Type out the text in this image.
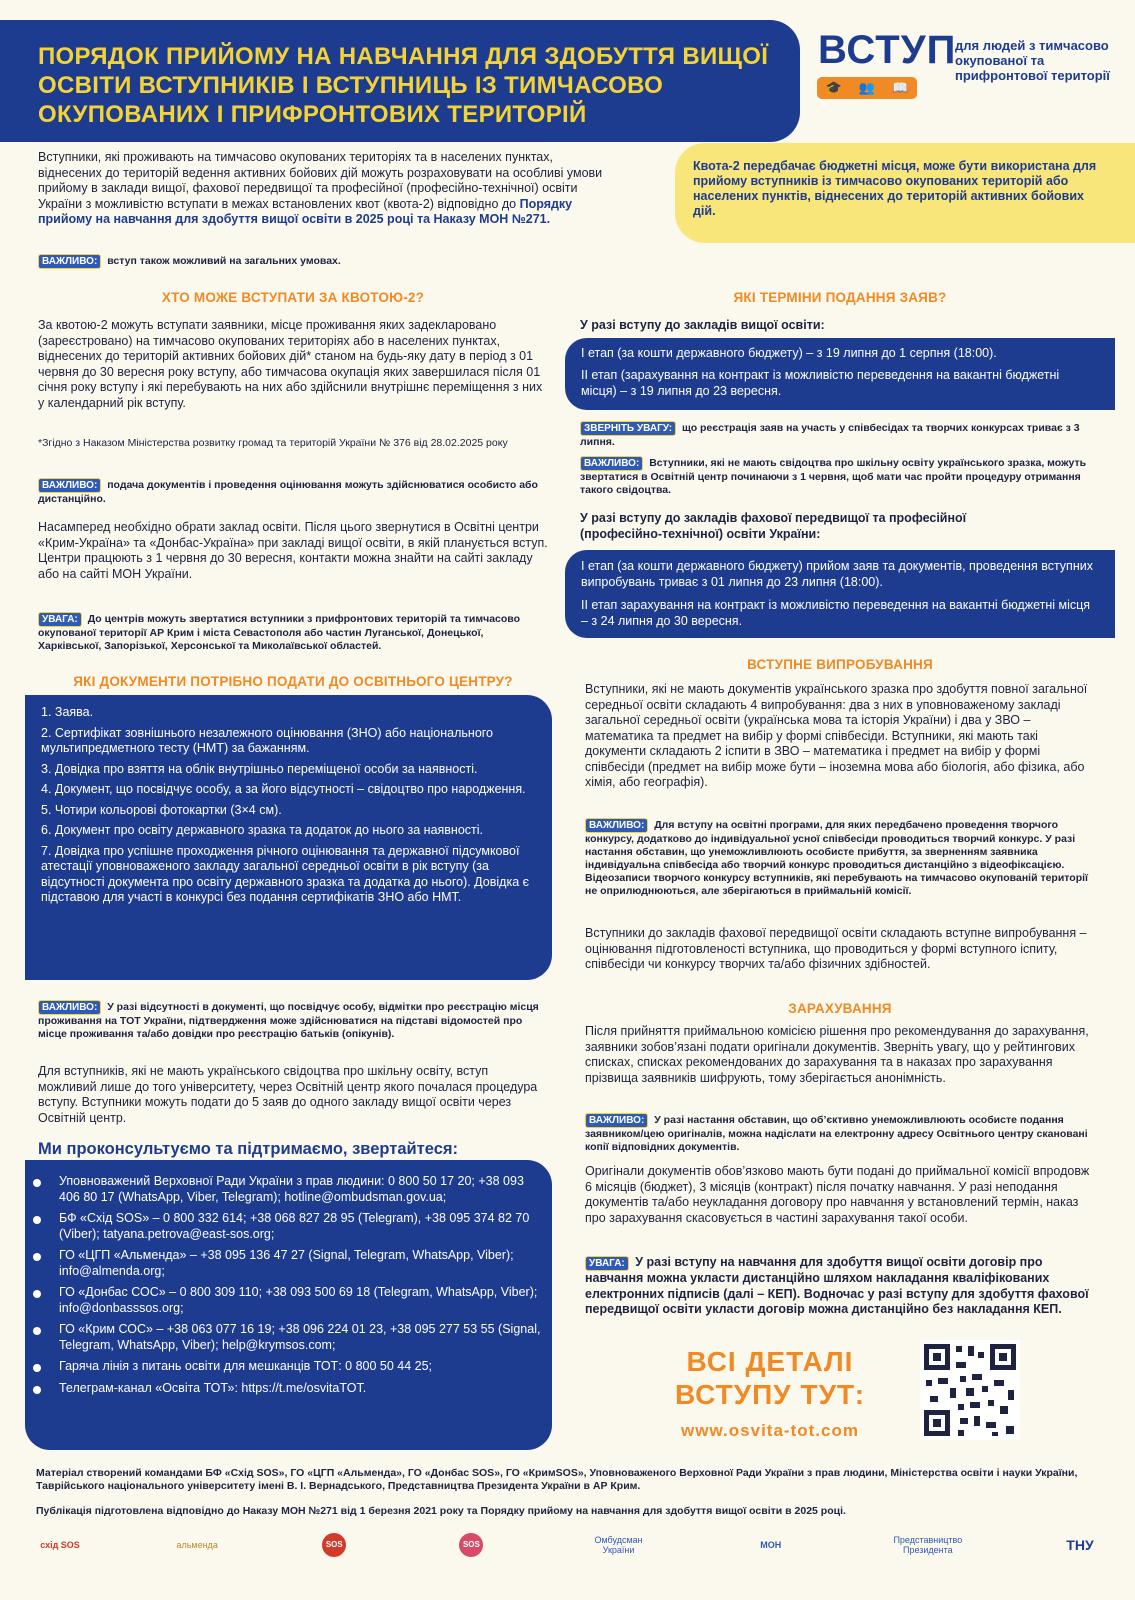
ПОРЯДОК ПРИЙОМУ НА НАВЧАННЯ ДЛЯ ЗДОБУТТЯ ВИЩОЇ ОСВІТИ ВСТУПНИКІВ І ВСТУПНИЦЬ ІЗ ТИМЧАСОВО ОКУПОВАНИХ І ПРИФРОНТОВИХ ТЕРИТОРІЙ
ВСТУП
🎓 👥 📖
для людей з тимчасово окупованої та прифронтової території
Вступники, які проживають на тимчасово окупованих територіях та в населених пунктах, віднесених до територій ведення активних бойових дій можуть розраховувати на особливі умови прийому в заклади вищої, фахової передвищої та професійної (професійно-технічної) освіти України з можливістю вступати в межах встановлених квот (квота-2) відповідно до Порядку прийому на навчання для здобуття вищої освіти в 2025 році та Наказу МОН №271.
ВАЖЛИВО: вступ також можливий на загальних умовах.
Квота-2 передбачає бюджетні місця, може бути використана для прийому вступників із тимчасово окупованих територій або населених пунктів, віднесених до територій активних бойових дій.
ХТО МОЖЕ ВСТУПАТИ ЗА КВОТОЮ-2?
За квотою-2 можуть вступати заявники, місце проживання яких задекларовано (зареєстровано) на тимчасово окупованих територіях або в населених пунктах, віднесених до територій активних бойових дій* станом на будь-яку дату в період з 01 червня до 30 вересня року вступу, або тимчасова окупація яких завершилася після 01 січня року вступу і які перебувають на них або здійснили внутрішнє переміщення з них у календарний рік вступу.
*Згідно з Наказом Міністерства розвитку громад та територій України № 376 від 28.02.2025 року
ВАЖЛИВО: подача документів і проведення оцінювання можуть здійснюватися особисто або дистанційно.
Насамперед необхідно обрати заклад освіти. Після цього звернутися в Освітні центри «Крим-Україна» та «Донбас-Україна» при закладі вищої освіти, в якій планується вступ. Центри працюють з 1 червня до 30 вересня, контакти можна знайти на сайті закладу або на сайті МОН України.
УВАГА: До центрів можуть звертатися вступники з прифронтових територій та тимчасово окупованої території АР Крим і міста Севастополя або частин Луганської, Донецької, Харківської, Запорізької, Херсонської та Миколаївської областей.
ЯКІ ДОКУМЕНТИ ПОТРІБНО ПОДАТИ ДО ОСВІТНЬОГО ЦЕНТРУ?
1. Заява.
2. Сертифікат зовнішнього незалежного оцінювання (ЗНО) або національного мультипредметного тесту (НМТ) за бажанням.
3. Довідка про взяття на облік внутрішньо переміщеної особи за наявності.
4. Документ, що посвідчує особу, а за його відсутності – свідоцтво про народження.
5. Чотири кольорові фотокартки (3×4 см).
6. Документ про освіту державного зразка та додаток до нього за наявності.
7. Довідка про успішне проходження річного оцінювання та державної підсумкової атестації уповноваженого закладу загальної середньої освіти в рік вступу (за відсутності документа про освіту державного зразка та додатка до нього). Довідка є підставою для участі в конкурсі без подання сертифікатів ЗНО або НМТ.
ВАЖЛИВО: У разі відсутності в документі, що посвідчує особу, відмітки про реєстрацію місця проживання на ТОТ України, підтвердження може здійснюватися на підставі відомостей про місце проживання та/або довідки про реєстрацію батьків (опікунів).
Для вступників, які не мають українського свідоцтва про шкільну освіту, вступ можливий лише до того університету, через Освітній центр якого почалася процедура вступу. Вступники можуть подати до 5 заяв до одного закладу вищої освіти через Освітній центр.
Ми проконсультуємо та підтримаємо, звертайтеся:
Уповноважений Верховної Ради України з прав людини: 0 800 50 17 20; +38 093 406 80 17 (WhatsApp, Viber, Telegram); hotline@ombudsman.gov.ua;
БФ «Схід SOS» – 0 800 332 614; +38 068 827 28 95 (Telegram), +38 095 374 82 70 (Viber); tatyana.petrova@east-sos.org;
ГО «ЦГП «Альменда» – +38 095 136 47 27 (Signal, Telegram, WhatsApp, Viber); info@almenda.org;
ГО «Донбас СОС» – 0 800 309 110; +38 093 500 69 18 (Telegram, WhatsApp, Viber); info@donbasssos.org;
ГО «Крим СОС» – +38 063 077 16 19; +38 096 224 01 23, +38 095 277 53 55 (Signal, Telegram, WhatsApp, Viber); help@krymsos.com;
Гаряча лінія з питань освіти для мешканців ТОТ: 0 800 50 44 25;
Телеграм-канал «Освіта ТОТ»: https://t.me/osvitaTOT.
ЯКІ ТЕРМІНИ ПОДАННЯ ЗАЯВ?
У разі вступу до закладів вищої освіти:
І етап (за кошти державного бюджету) – з 19 липня до 1 серпня (18:00).
ІІ етап (зарахування на контракт із можливістю переведення на вакантні бюджетні місця) – з 19 липня до 23 вересня.
ЗВЕРНІТЬ УВАГУ: що реєстрація заяв на участь у співбесідах та творчих конкурсах триває з 3 липня.
ВАЖЛИВО: Вступники, які не мають свідоцтва про шкільну освіту українського зразка, можуть звертатися в Освітній центр починаючи з 1 червня, щоб мати час пройти процедуру отримання такого свідоцтва.
У разі вступу до закладів фахової передвищої та професійної (професійно-технічної) освіти України:
І етап (за кошти державного бюджету) прийом заяв та документів, проведення вступних випробувань триває з 01 липня до 23 липня (18:00).
ІІ етап зарахування на контракт із можливістю переведення на вакантні бюджетні місця – з 24 липня до 30 вересня.
ВСТУПНЕ ВИПРОБУВАННЯ
Вступники, які не мають документів українського зразка про здобуття повної загальної середньої освіти складають 4 випробування: два з них в уповноваженому закладі загальної середньої освіти (українська мова та історія України) і два у ЗВО – математика та предмет на вибір у формі співбесіди. Вступники, які мають такі документи складають 2 іспити в ЗВО – математика і предмет на вибір у формі співбесіди (предмет на вибір може бути – іноземна мова або біологія, або фізика, або хімія, або географія).
ВАЖЛИВО: Для вступу на освітні програми, для яких передбачено проведення творчого конкурсу, додатково до індивідуальної усної співбесіди проводиться творчий конкурс. У разі настання обставин, що унеможливлюють особисте прибуття, за зверненням заявника індивідуальна співбесіда або творчий конкурс проводиться дистанційно з відеофіксацією. Відеозаписи творчого конкурсу вступників, які перебувають на тимчасово окупованій території не оприлюднюються, але зберігаються в приймальній комісії.
Вступники до закладів фахової передвищої освіти складають вступне випробування – оцінювання підготовленості вступника, що проводиться у формі вступного іспиту, співбесіди чи конкурсу творчих та/або фізичних здібностей.
ЗАРАХУВАННЯ
Після прийняття приймальною комісією рішення про рекомендування до зарахування, заявники зобов’язані подати оригінали документів. Зверніть увагу, що у рейтингових списках, списках рекомендованих до зарахування та в наказах про зарахування прізвища заявників шифрують, тому зберігається анонімність.
ВАЖЛИВО: У разі настання обставин, що об’єктивно унеможливлюють особисте подання заявником/цею оригіналів, можна надіслати на електронну адресу Освітнього центру скановані копії відповідних документів.
Оригінали документів обов’язково мають бути подані до приймальної комісії впродовж 6 місяців (бюджет), 3 місяців (контракт) після початку навчання. У разі неподання документів та/або неукладання договору про навчання у встановлений термін, наказ про зарахування скасовується в частині зарахування такої особи.
УВАГА: У разі вступу на навчання для здобуття вищої освіти договір про навчання можна укласти дистанційно шляхом накладання кваліфікованих електронних підписів (далі – КЕП). Водночас у разі вступу для здобуття фахової передвищої освіти укласти договір можна дистанційно без накладання КЕП.
ВСІ ДЕТАЛІ
ВСТУПУ ТУТ:
www.osvita-tot.com
Матеріал створений командами БФ «Схід SOS», ГО «ЦГП «Альменда», ГО «Донбас SOS», ГО «КримSOS», Уповноваженого Верховної Ради України з прав людини, Міністерства освіти і науки України, Таврійського національного університету імені В. І. Вернадського, Представництва Президента України в АР Крим.
Публікація підготовлена відповідно до Наказу МОН №271 від 1 березня 2021 року та Порядку прийому на навчання для здобуття вищої освіти в 2025 році.
схід SOS	альменда	SOS	SOS	Омбудсман України	МОН	Представництво Президента	ТНУ
